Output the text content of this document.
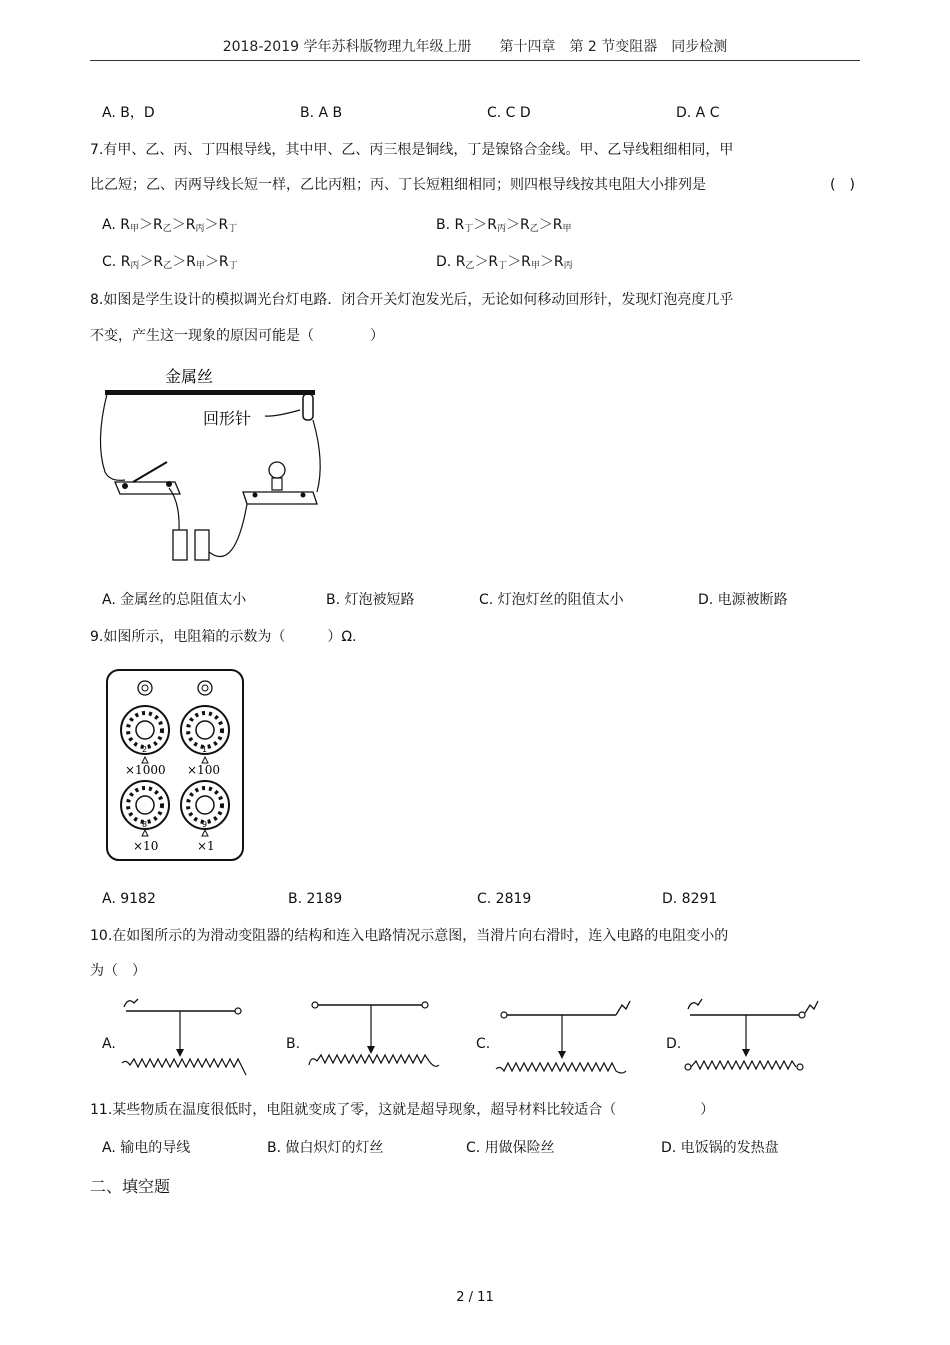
2018-2019 学年苏科版物理九年级上册　　第十四章　第 2 节变阻器　同步检测
A. B，D	B. A B	C. C D	D. A C
7.有甲、乙、丙、丁四根导线，其中甲、乙、丙三根是铜线，丁是镍铬合金线。甲、乙导线粗细相同，甲
比乙短；乙、丙两导线长短一样，乙比丙粗；丙、丁长短粗细相同；则四根导线按其电阻大小排列是	(　)
A. $R_甲>R_乙>R_丙>R_丁$	B. $R_丁>R_丙>R_乙>R_甲$
C. $R_丙>R_乙>R_甲>R_丁$	D. $R_乙>R_丁>R_甲>R_丙$
8.如图是学生设计的模拟调光台灯电路．闭合开关灯泡发光后，无论如何移动回形针，发现灯泡亮度几乎
不变，产生这一现象的原因可能是（　　　　）
金属丝
回形针
A. 金属丝的总阻值太小	B. 灯泡被短路	C. 灯泡灯丝的阻值太小	D. 电源被断路
9.如图所示，电阻箱的示数为（　　　）Ω.
2	1
×1000 ×100
8	9
×10	×1
A. 9182	B. 2189	C. 2819	D. 8291
10.在如图所示的为滑动变阻器的结构和连入电路情况示意图，当滑片向右滑时，连入电路的电阻变小的
为（　）
A.	B.	C.	D.
11.某些物质在温度很低时，电阻就变成了零，这就是超导现象，超导材料比较适合（　　　　　　）
A. 输电的导线	B. 做白炽灯的灯丝	C. 用做保险丝	D. 电饭锅的发热盘
二、填空题
2 / 11
